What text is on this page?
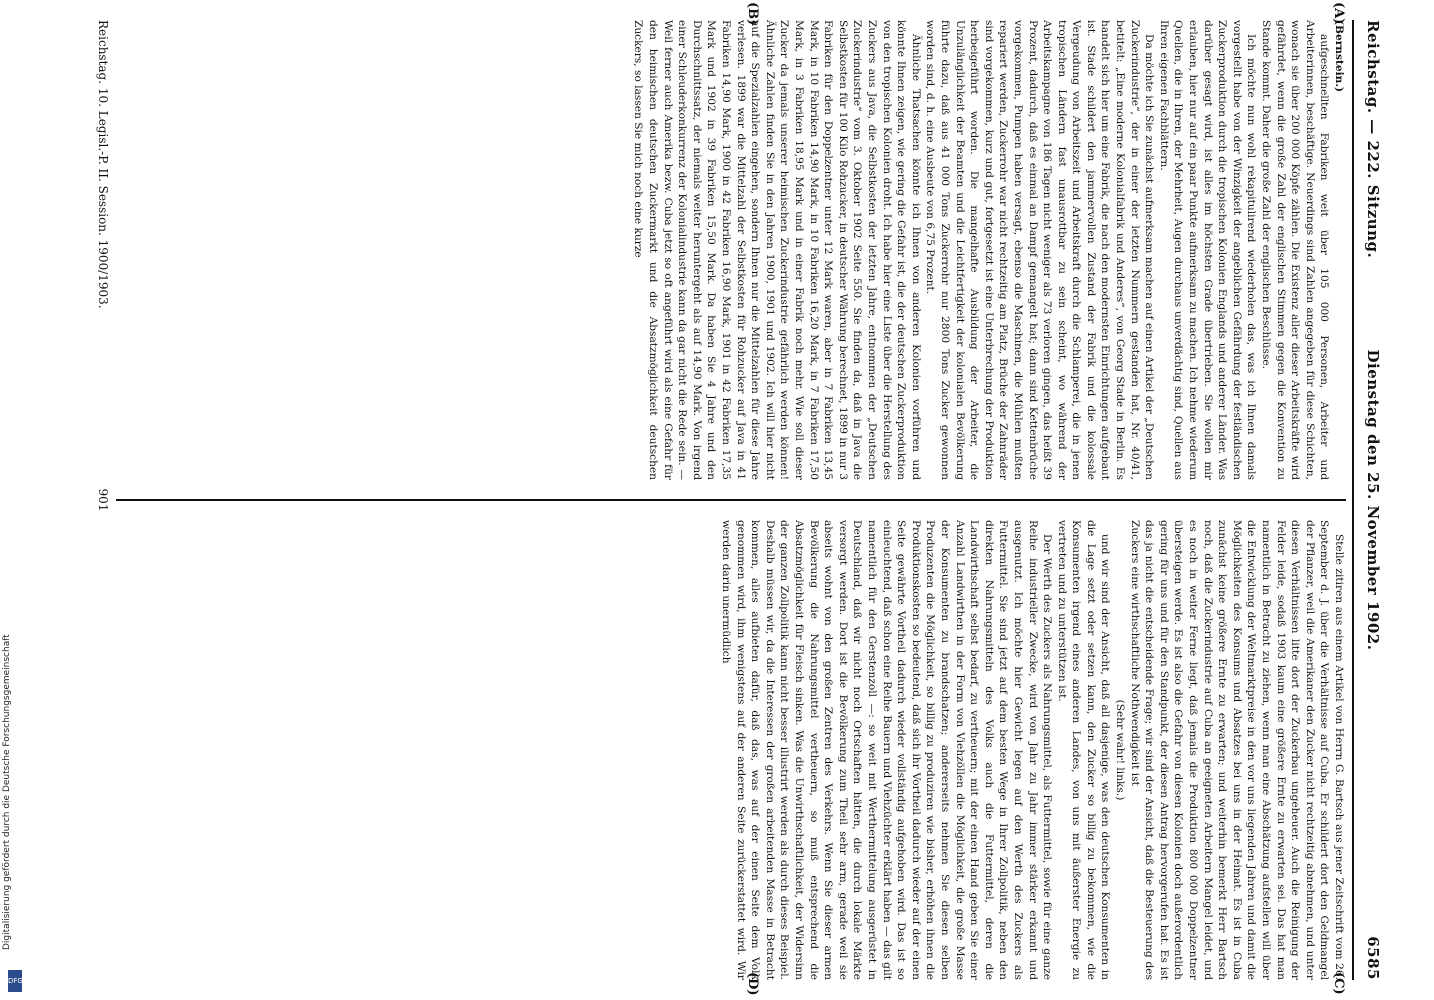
Digitalisierung gefördert durch die Deutsche Forschungsgemeinschaft
DFG
Reichstag. — 222. Sitzung.
Dienstag den 25. November 1902.
6585

(Bernstein.)

aufgeschnellten Fabriken weit über 105 000 Personen, Arbeiter und Arbeiterinnen, beschäftige. Neuerdings sind Zahlen angegeben für diese Schichten, wonach sie über 200 000 Köpfe zählen. Die Existenz aller dieser Arbeitskräfte wird gefährdet, wenn die große Zahl der englischen Stimmen gegen die Konvention zu Stande kommt. Daher die große Zahl der englischen Beschlüsse.

Ich möchte nun wohl rekapitulirend wiederholen das, was ich Ihnen damals vorgestellt habe von der Winzigkeit der angeblichen Gefährdung der festländischen Zuckerproduktion durch die tropischen Kolonien Englands und anderer Länder. Was darüber gesagt wird, ist alles im höchsten Grade übertrieben. Sie wollen mir erlauben, hier nur auf ein paar Punkte aufmerksam zu machen. Ich nehme wiederum Quellen, die in Ihren, der Mehrheit, Augen durchaus unverdächtig sind, Quellen aus Ihren eigenen Fachblättern.

Da möchte ich Sie zunächst aufmerksam machen auf einen Artikel der „Deutschen Zuckerindustrie“, der in einer der letzten Nummern gestanden hat, Nr. 40/41, betitelt: „Eine moderne Kolonialfabrik und Anderes“, von Georg Stade in Berlin. Es handelt sich hier um eine Fabrik, die nach den modernsten Einrichtungen aufgebaut ist. Stade schildert den jammervollen Zustand der Fabrik und die kolossale Vergeudung von Arbeitszeit und Arbeitskraft durch die Schlamperei, die in jenen tropischen Ländern fast unausrottbar zu sein scheint, wo während der Arbeitskampagne von 186 Tagen nicht weniger als 73 verloren gingen, das heißt 39 Prozent, dadurch, daß es einmal an Dampf gemangelt hat; dann sind Kettenbrüche vorgekommen, Pumpen haben versagt, ebenso die Maschinen, die Mühlen mußten repariert werden, Zuckerrohr war nicht rechtzeitig am Platz, Brüche der Zahnräder sind vorgekommen, kurz und gut, fortgesetzt ist eine Unterbrechung der Produktion herbeigeführt worden. Die mangelhafte Ausbildung der Arbeiter, die Unzulänglichkeit der Beamten und die Leichtfertigkeit der kolonialen Bevölkerung führte dazu, daß aus 41 000 Tons Zuckerrohr nur 2800 Tons Zucker gewonnen worden sind, d. h. eine Ausbeute von 6,75 Prozent.

Ähnliche Thatsachen könnte ich Ihnen von anderen Kolonien vorführen und könnte Ihnen zeigen, wie gering die Gefahr ist, die der deutschen Zuckerproduktion von den tropischen Kolonien droht. Ich habe hier eine Liste über die Herstellung des Zuckers aus Java, die Selbstkosten der letzten Jahre, entnommen der „Deutschen Zuckerindustrie“ vom 3. Oktober 1902 Seite 550. Sie finden da, daß in Java die Selbstkosten für 100 Kilo Rohzucker, in deutscher Währung berechnet, 1899 in nur 3 Fabriken für den Doppelzentner unter 12 Mark waren, aber in 7 Fabriken 13,45 Mark, in 10 Fabriken 14,90 Mark, in 10 Fabriken 16,20 Mark, in 7 Fabriken 17,50 Mark, in 3 Fabriken 18,95 Mark und in einer Fabrik noch mehr. Wie soll dieser Zucker da jemals unserer heimischen Zuckerindustrie gefährlich werden können! Ähnliche Zahlen finden Sie in den Jahren 1900, 1901 und 1902. Ich will hier nicht auf die Spezialzahlen eingehen, sondern Ihnen nur die Mittelzahlen für diese Jahre verlesen. 1899 war die Mittelzahl der Selbstkosten für Rohzucker auf Java in 41 Fabriken 14,90 Mark, 1900 in 42 Fabriken 16,90 Mark, 1901 in 42 Fabriken 17,35 Mark und 1902 in 39 Fabriken 15,50 Mark. Da haben Sie 4 Jahre und den Durchschnittssatz, der niemals weiter heruntergeht als auf 14,90 Mark. Von irgend einer Schleuderkonkurrenz der Kolonialindustrie kann da gar nicht die Rede sein. — Weil ferner auch Amerika bezw. Cuba jetzt so oft angeführt wird als eine Gefahr für den heimischen deutschen Zuckermarkt und die Absatzmöglichkeit deutschen Zuckers, so lassen Sie mich noch eine kurze

Stelle zitiren aus einem Artikel von Herrn G. Bartsch aus jener Zeitschrift vom 26. September d. J. über die Verhältnisse auf Cuba. Er schildert dort den Geldmangel der Pflanzer, weil die Amerikaner den Zucker nicht rechtzeitig abnehmen, und unter diesen Verhältnissen litte dort der Zuckerbau ungeheuer. Auch die Reinigung der Felder leide, sodaß 1903 kaum eine größere Ernte zu erwarten sei. Das hat man namentlich in Betracht zu ziehen, wenn man eine Abschätzung aufstellen will über die Entwicklung der Weltmarktpreise in den vor uns liegenden Jahren und damit die Möglichkeiten des Konsums und Absatzes bei uns in der Heimat. Es ist in Cuba zunächst keine größere Ernte zu erwarten; und weiterhin bemerkt Herr Bartsch noch, daß die Zuckerindustrie auf Cuba an geeigneten Arbeitern Mangel leidet, und es noch in weiter Ferne liegt, daß jemals die Produktion 800 000 Doppelzentner übersteigen werde. Es ist also die Gefahr von diesen Kolonien doch außerordentlich gering für uns und für den Standpunkt, der diesen Antrag hervorgerufen hat. Es ist das ja nicht die entscheidende Frage; wir sind der Ansicht, daß die Besteuerung des Zuckers eine wirthschaftliche Nothwendigkeit ist

(Sehr wahr! links.)

und wir sind der Ansicht, daß all dasjenige, was den deutschen Konsumenten in die Lage setzt oder setzen kann, den Zucker so billig zu bekommen, wie die Konsumenten irgend eines anderen Landes, von uns mit äußerster Energie zu vertreten und zu unterstützen ist.

Der Werth des Zuckers als Nahrungsmittel, als Futtermittel, sowie für eine ganze Reihe industrieller Zwecke, wird von Jahr zu Jahr immer stärker erkannt und ausgenutzt. Ich möchte hier Gewicht legen auf den Werth des Zuckers als Futtermittel. Sie sind jetzt auf dem besten Wege in Ihrer Zollpolitik, neben den direkten Nahrungsmitteln des Volks auch die Futtermittel, deren die Landwirthschaft selbst bedarf, zu vertheuern; mit der einen Hand geben Sie einer Anzahl Landwirthen in der Form von Viehzöllen die Möglichkeit, die große Masse der Konsumenten zu brandschatzen; andererseits nehmen Sie diesen selben Produzenten die Möglichkeit, so billig zu produziren wie bisher, erhöhen ihnen die Produktionskosten so bedeutend, daß sich ihr Vortheil dadurch wieder auf der einen Seite gewährte Vortheil dadurch wieder vollständig aufgehoben wird. Das ist so einleuchtend, daß schon eine Reihe Bauern und Viehzüchter erklärt haben — das gilt namentlich für den Gerstenzoll —: so weit mit Werthermittelung ausgerüstet in Deutschland, daß wir nicht noch Ortschaften hätten, die durch lokale Märkte versorgt werden. Dort ist die Bevölkerung zum Theil sehr arm, gerade weil sie abseits wohnt von den großen Zentren des Verkehrs. Wenn Sie dieser armen Bevölkerung die Nahrungsmittel vertheuern, so muß entsprechend die Absatzmöglichkeit für Fleisch sinken. Was die Unwirthschaftlichkeit, der Widersinn der ganzen Zollpolitik kann nicht besser illustrirt werden als durch dieses Beispiel. Deshalb müssen wir, da die Interessen der großen arbeitenden Masse in Betracht kommen, alles aufbieten dafür, daß das, was auf der einen Seite dem Volk genommen wird, ihm wenigstens auf der anderen Seite zurückerstattet wird. Wir werden darin unermüdlich

(A)
(B)
(C)
(D)
Reichstag. 10. Legisl.-P. II. Session. 1900/1903.
901
